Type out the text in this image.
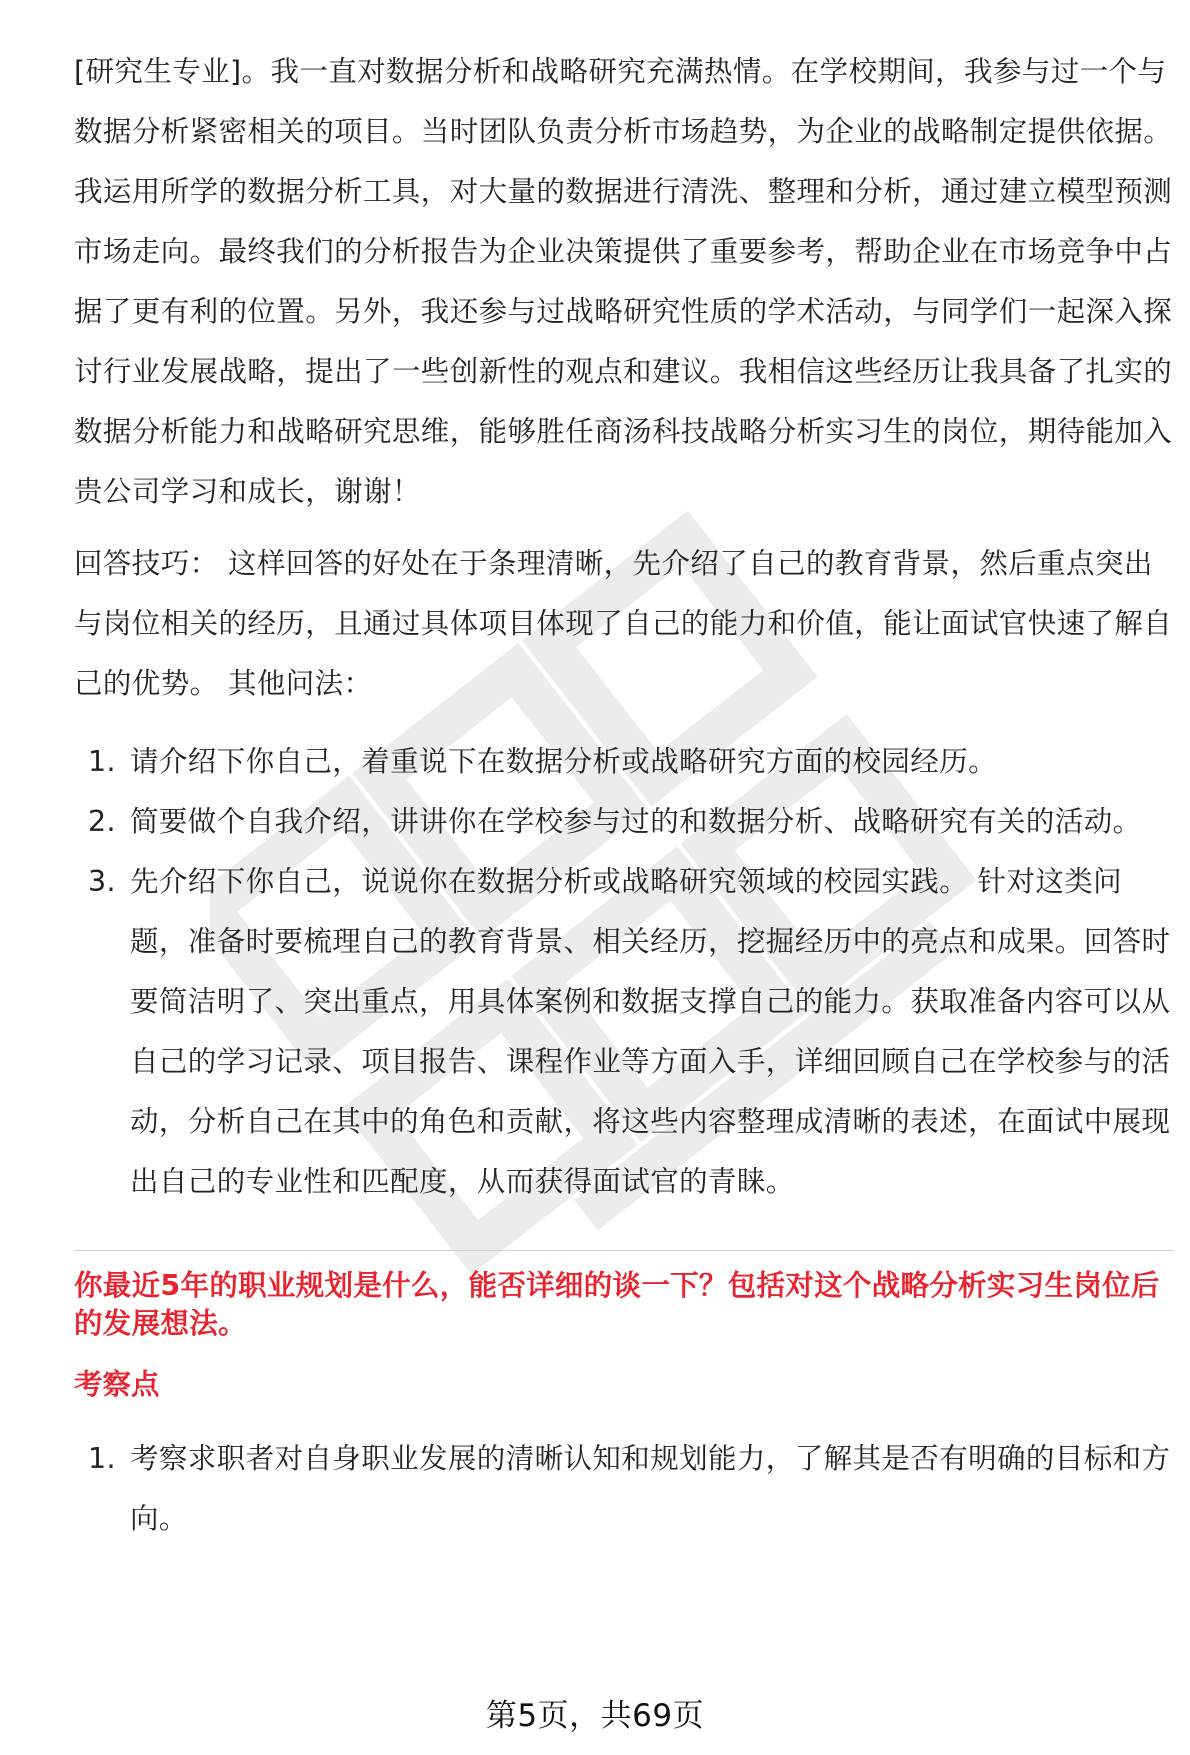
[研究生专业]。我一直对数据分析和战略研究充满热情。在学校期间，我参与过一个与数据分析紧密相关的项目。当时团队负责分析市场趋势，为企业的战略制定提供依据。我运用所学的数据分析工具，对大量的数据进行清洗、整理和分析，通过建立模型预测市场走向。最终我们的分析报告为企业决策提供了重要参考，帮助企业在市场竞争中占据了更有利的位置。另外，我还参与过战略研究性质的学术活动，与同学们一起深入探讨行业发展战略，提出了一些创新性的观点和建议。我相信这些经历让我具备了扎实的数据分析能力和战略研究思维，能够胜任商汤科技战略分析实习生的岗位，期待能加入贵公司学习和成长，谢谢！

回答技巧： 这样回答的好处在于条理清晰，先介绍了自己的教育背景，然后重点突出与岗位相关的经历，且通过具体项目体现了自己的能力和价值，能让面试官快速了解自己的优势。 其他问法：

1. 请介绍下你自己，着重说下在数据分析或战略研究方面的校园经历。
2. 简要做个自我介绍，讲讲你在学校参与过的和数据分析、战略研究有关的活动。
3. 先介绍下你自己，说说你在数据分析或战略研究领域的校园实践。 针对这类问题，准备时要梳理自己的教育背景、相关经历，挖掘经历中的亮点和成果。回答时要简洁明了、突出重点，用具体案例和数据支撑自己的能力。获取准备内容可以从自己的学习记录、项目报告、课程作业等方面入手，详细回顾自己在学校参与的活动，分析自己在其中的角色和贡献，将这些内容整理成清晰的表述，在面试中展现出自己的专业性和匹配度，从而获得面试官的青睐。

你最近5年的职业规划是什么，能否详细的谈一下？包括对这个战略分析实习生岗位后的发展想法。

考察点

1. 考察求职者对自身职业发展的清晰认知和规划能力，了解其是否有明确的目标和方向。
第5页，共69页
